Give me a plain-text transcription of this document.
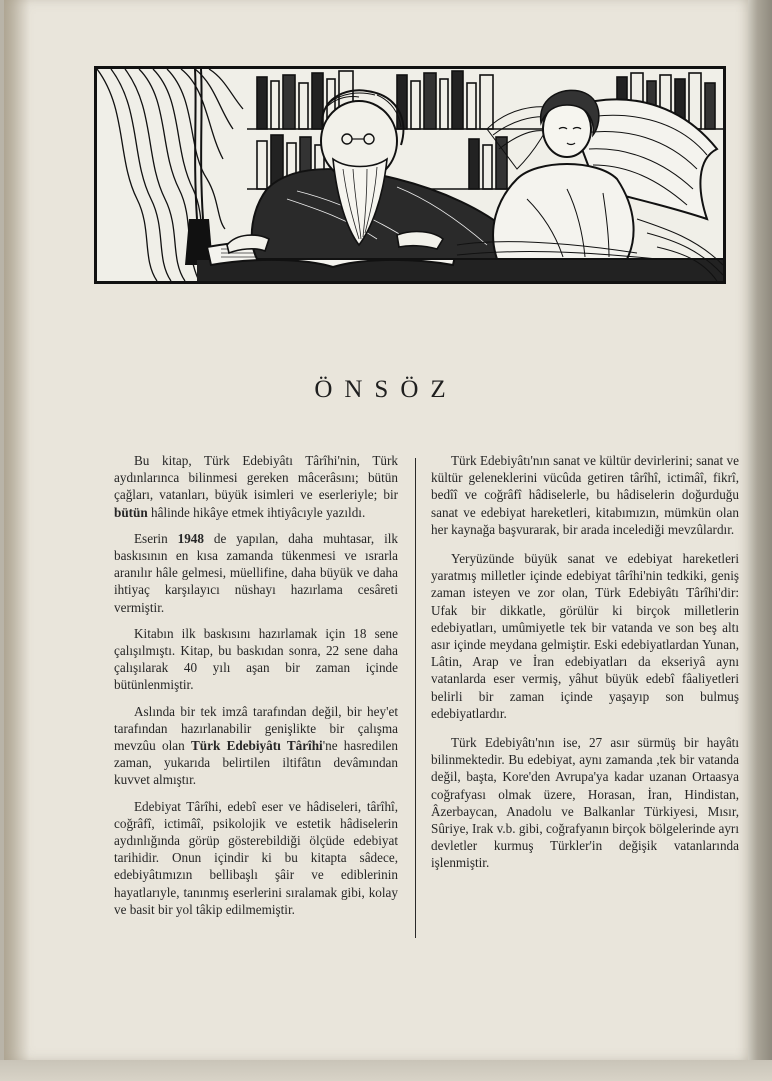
ÖNSÖZ

Bu kitap, Türk Edebiyâtı Târîhi'nin, Türk aydınlarınca bilinmesi gereken mâcerâsını; bütün çağları, vatanları, büyük isimleri ve eserleriyle; bir bütün hâlinde hikâye etmek ihtiyâcıyle yazıldı.

Eserin 1948 de yapılan, daha muhtasar, ilk baskısının en kısa zamanda tükenmesi ve ısrarla aranılır hâle gelmesi, müellifine, daha büyük ve daha ihtiyaç karşılayıcı nüshayı hazırlama cesâreti vermiştir.

Kitabın ilk baskısını hazırlamak için 18 sene çalışılmıştı. Kitap, bu baskıdan sonra, 22 sene daha çalışılarak 40 yılı aşan bir zaman içinde bütünlenmiştir.

Aslında bir tek imzâ tarafından değil, bir hey'et tarafından hazırlanabilir genişlikte bir çalışma mevzûu olan Türk Edebiyâtı Târîhi'ne hasredilen zaman, yukarıda belirtilen iltifâtın devâmından kuvvet almıştır.

Edebiyat Târîhi, edebî eser ve hâdiseleri, târîhî, coğrâfî, ictimâî, psikolojik ve estetik hâdiselerin aydınlığında görüp gösterebildiği ölçüde edebiyat tarihidir. Onun içindir ki bu kitapta sâdece, edebiyâtımızın bellibaşlı şâir ve ediblerinin hayatlarıyle, tanınmış eserlerini sıralamak gibi, kolay ve basit bir yol tâkip edilmemiştir.

Türk Edebiyâtı'nın sanat ve kültür devirlerini; sanat ve kültür geleneklerini vücûda getiren târîhî, ictimâî, fikrî, bedîî ve coğrâfî hâdiselerle, bu hâdiselerin doğurduğu sanat ve edebiyat hareketleri, kitabımızın, mümkün olan her kaynağa başvurarak, bir arada incelediği mevzûlardır.

Yeryüzünde büyük sanat ve edebiyat hareketleri yaratmış milletler içinde edebiyat târîhi'nin tedkiki, geniş zaman isteyen ve zor olan, Türk Edebiyâtı Târîhi'dir: Ufak bir dikkatle, görülür ki birçok milletlerin edebiyatları, umûmiyetle tek bir vatanda ve son beş altı asır içinde meydana gelmiştir. Eski edebiyatlardan Yunan, Lâtin, Arap ve İran edebiyatları da ekseriyâ aynı vatanlarda eser vermiş, yâhut büyük edebî fâaliyetleri belirli bir zaman içinde yaşayıp son bulmuş edebiyatlardır.

Türk Edebiyâtı'nın ise, 27 asır sürmüş bir hayâtı bilinmektedir. Bu edebiyat, aynı zamanda ,tek bir vatanda değil, başta, Kore'den Avrupa'ya kadar uzanan Ortaasya coğrafyası olmak üzere, Horasan, İran, Hindistan, Âzerbaycan, Anadolu ve Balkanlar Türkiyesi, Mısır, Sûriye, Irak v.b. gibi, coğrafyanın birçok bölgelerinde ayrı devletler kurmuş Türkler'in değişik vatanlarında işlenmiştir.
